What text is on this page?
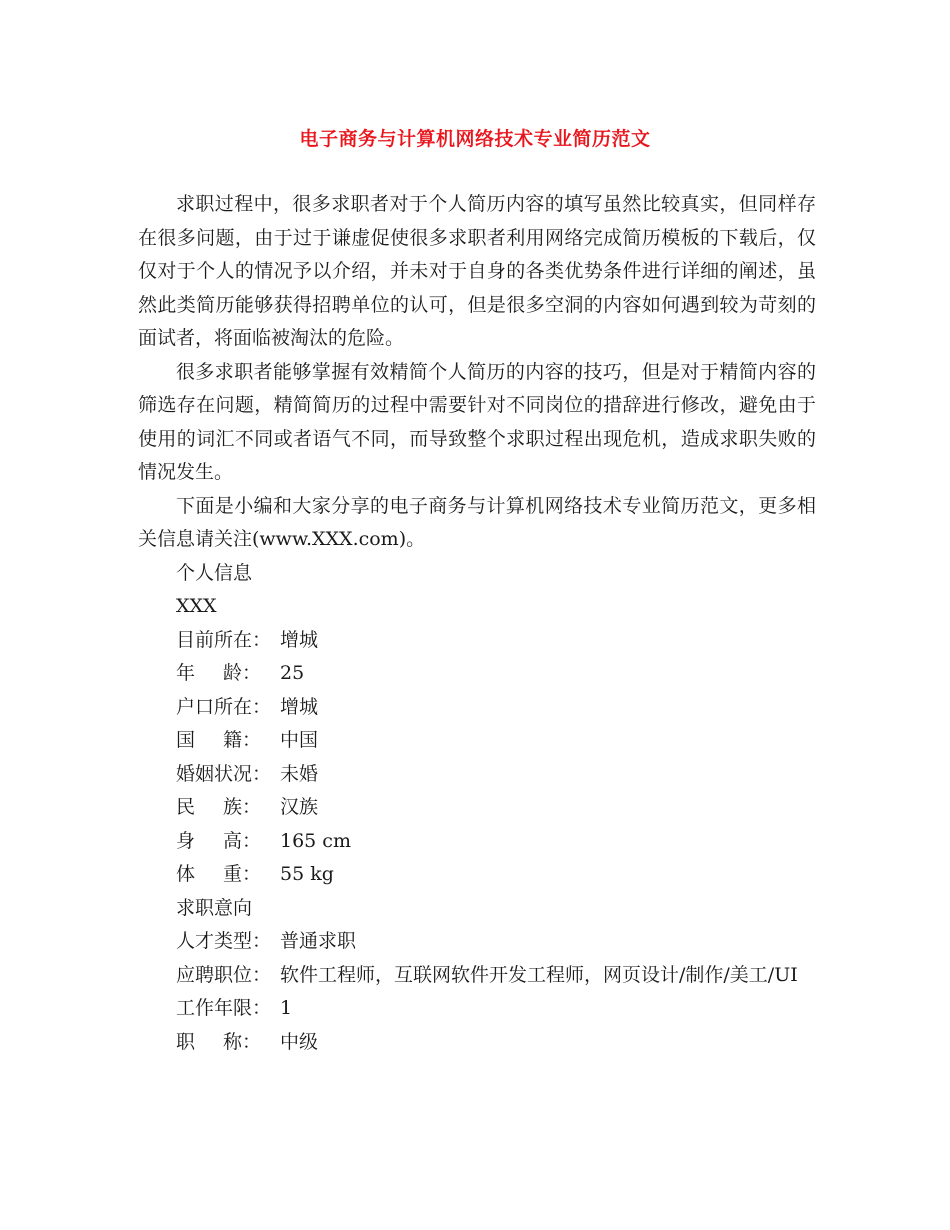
电子商务与计算机网络技术专业简历范文

求职过程中，很多求职者对于个人简历内容的填写虽然比较真实，但同样存在很多问题，由于过于谦虚促使很多求职者利用网络完成简历模板的下载后，仅仅对于个人的情况予以介绍，并未对于自身的各类优势条件进行详细的阐述，虽然此类简历能够获得招聘单位的认可，但是很多空洞的内容如何遇到较为苛刻的面试者，将面临被淘汰的危险。

很多求职者能够掌握有效精简个人简历的内容的技巧，但是对于精简内容的筛选存在问题，精简简历的过程中需要针对不同岗位的措辞进行修改，避免由于使用的词汇不同或者语气不同，而导致整个求职过程出现危机，造成求职失败的情况发生。

下面是小编和大家分享的电子商务与计算机网络技术专业简历范文，更多相关信息请关注(www.XXX.com)。

个人信息
XXX
目前所在： 增城
年 龄： 25
户口所在： 增城
国 籍： 中国
婚姻状况： 未婚
民 族： 汉族
身 高： 165 cm
体 重： 55 kg
求职意向
人才类型： 普通求职
应聘职位： 软件工程师，互联网软件开发工程师，网页设计/制作/美工/UI
工作年限： 1
职 称： 中级
